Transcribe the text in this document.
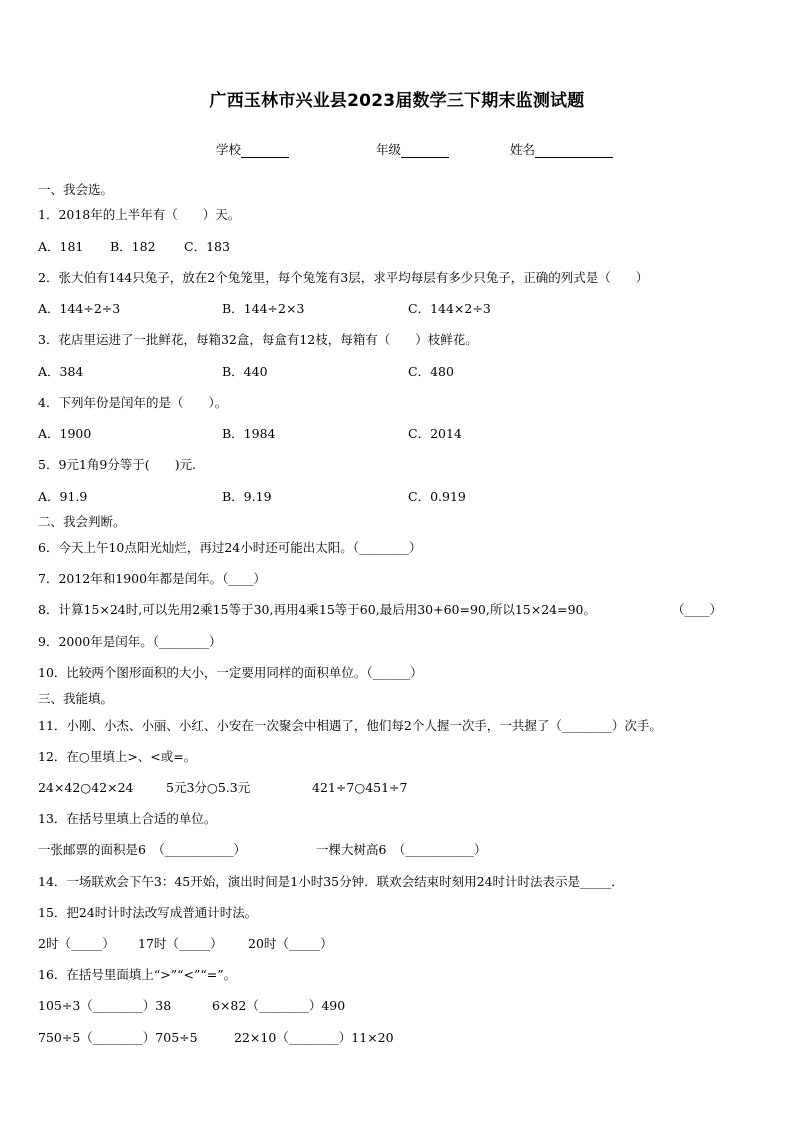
广西玉林市兴业县2023届数学三下期末监测试题
学校	年级	姓名
一、我会选。
1．2018年的上半年有（　　）天。
A．181 B．182 C．183
2．张大伯有144只兔子，放在2个兔笼里，每个兔笼有3层，求平均每层有多少只兔子，正确的列式是（　　）
A．144÷2÷3	B．144÷2×3	C．144×2÷3
3．花店里运进了一批鲜花，每箱32盒，每盒有12枝，每箱有（　　）枝鲜花。
A．384	B．440	C．480
4．下列年份是闰年的是（　　）。
A．1900	B．1984	C．2014
5．9元1角9分等于(　　)元.
A．91.9	B．9.19	C．0.919
二、我会判断。
6．今天上午10点阳光灿烂，再过24小时还可能出太阳。（________）
7．2012年和1900年都是闰年。（____）
8．计算15×24时,可以先用2乘15等于30,再用4乘15等于60,最后用30+60=90,所以15×24=90。	（____）
9．2000年是闰年。（________）
10．比较两个图形面积的大小，一定要用同样的面积单位。（______）
三、我能填。
11．小刚、小杰、小丽、小红、小安在一次聚会中相遇了，他们每2个人握一次手，一共握了（________）次手。
12．在○里填上>、<或=。
24×42○42×24	5元3分○5.3元	421÷7○451÷7
13．在括号里填上合适的单位。
一张邮票的面积是6　（___________）	一棵大树高6　（___________）
14．一场联欢会下午3：45开始，演出时间是1小时35分钟．联欢会结束时刻用24时计时法表示是_____．
15．把24时计时法改写成普通计时法。
2时（_____） 17时（_____） 20时（_____）
16．在括号里面填上“>”“<”“=”。
105÷3（________）38	6×82（________）490
750÷5（________）705÷5	22×10（________）11×20
